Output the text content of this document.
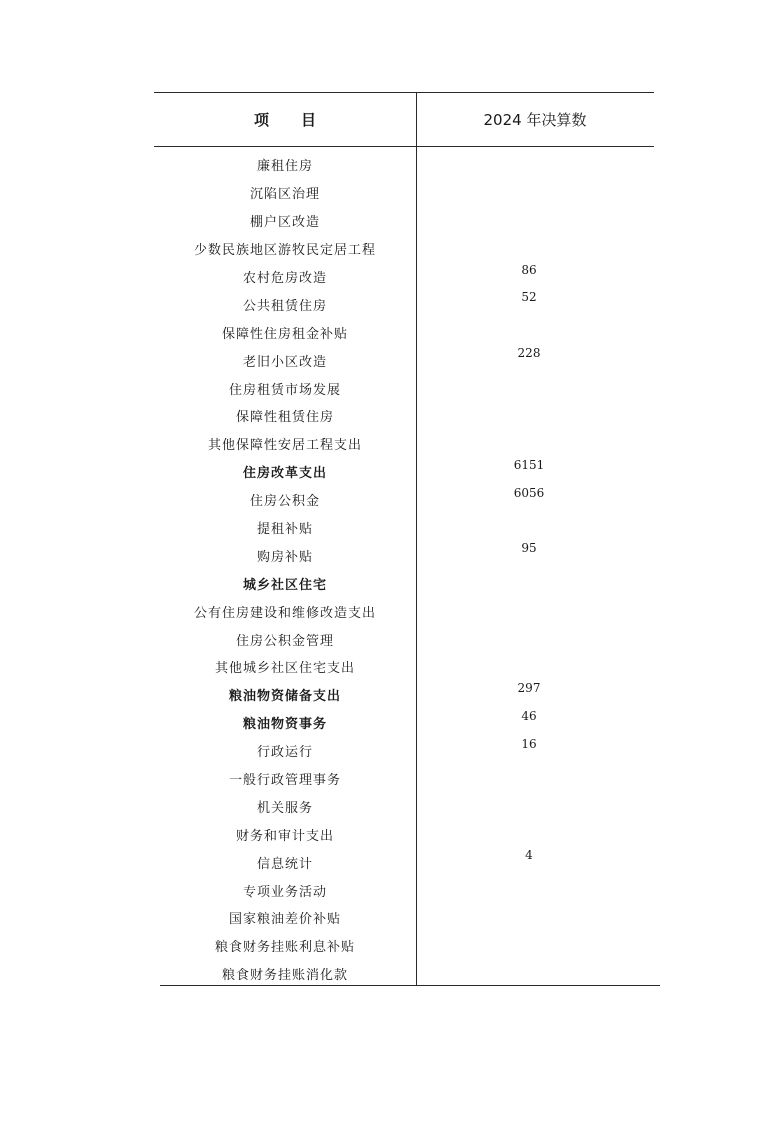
项目	2024 年决算数
廉租住房
沉陷区治理
棚户区改造
少数民族地区游牧民定居工程
农村危房改造
86
公共租赁住房
52
保障性住房租金补贴
老旧小区改造
228
住房租赁市场发展
保障性租赁住房
其他保障性安居工程支出
住房改革支出
6151
住房公积金
6056
提租补贴
购房补贴
95
城乡社区住宅
公有住房建设和维修改造支出
住房公积金管理
其他城乡社区住宅支出
粮油物资储备支出
297
粮油物资事务
46
行政运行
16
一般行政管理事务
机关服务
财务和审计支出
信息统计
4
专项业务活动
国家粮油差价补贴
粮食财务挂账利息补贴
粮食财务挂账消化款
